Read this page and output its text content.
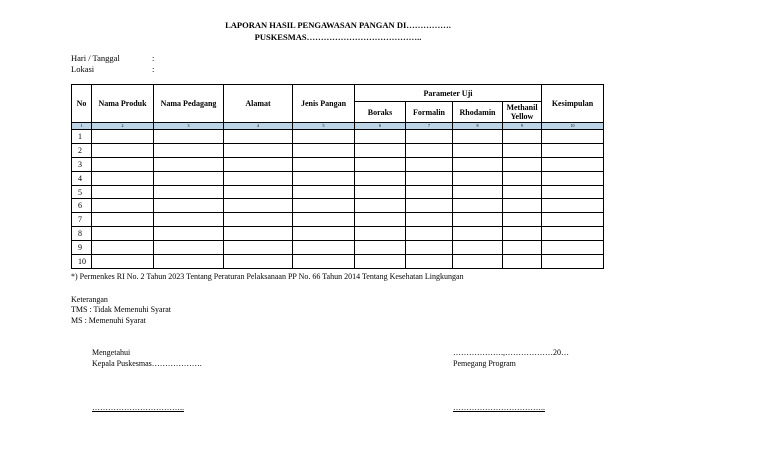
LAPORAN HASIL PENGAWASAN PANGAN DI…………….
PUSKESMAS…………………………………..
Hari / Tanggal	:
Lokasi	:
No	Nama Produk	Nama Pedagang	Alamat	Jenis Pangan	Parameter Uji				Kesimpulan
					Boraks	Formalin	Rhodamin	Methanil Yellow	
1	2	3	4	5	6	7	8	9	10
1									
2									
3									
4									
5									
6									
7									
8									
9									
10									
*) Permenkes RI No. 2 Tahun 2023 Tentang Peraturan Pelaksanaan PP No. 66 Tahun 2014 Tentang Kesehatan Lingkungan
Keterangan
TMS : Tidak Memenuhi Syarat
MS : Memenuhi Syarat
Mengetahui
Kepala Puskesmas……………….
……………….,………………20…
Pemegang Program
……………………………..	……………………………..
